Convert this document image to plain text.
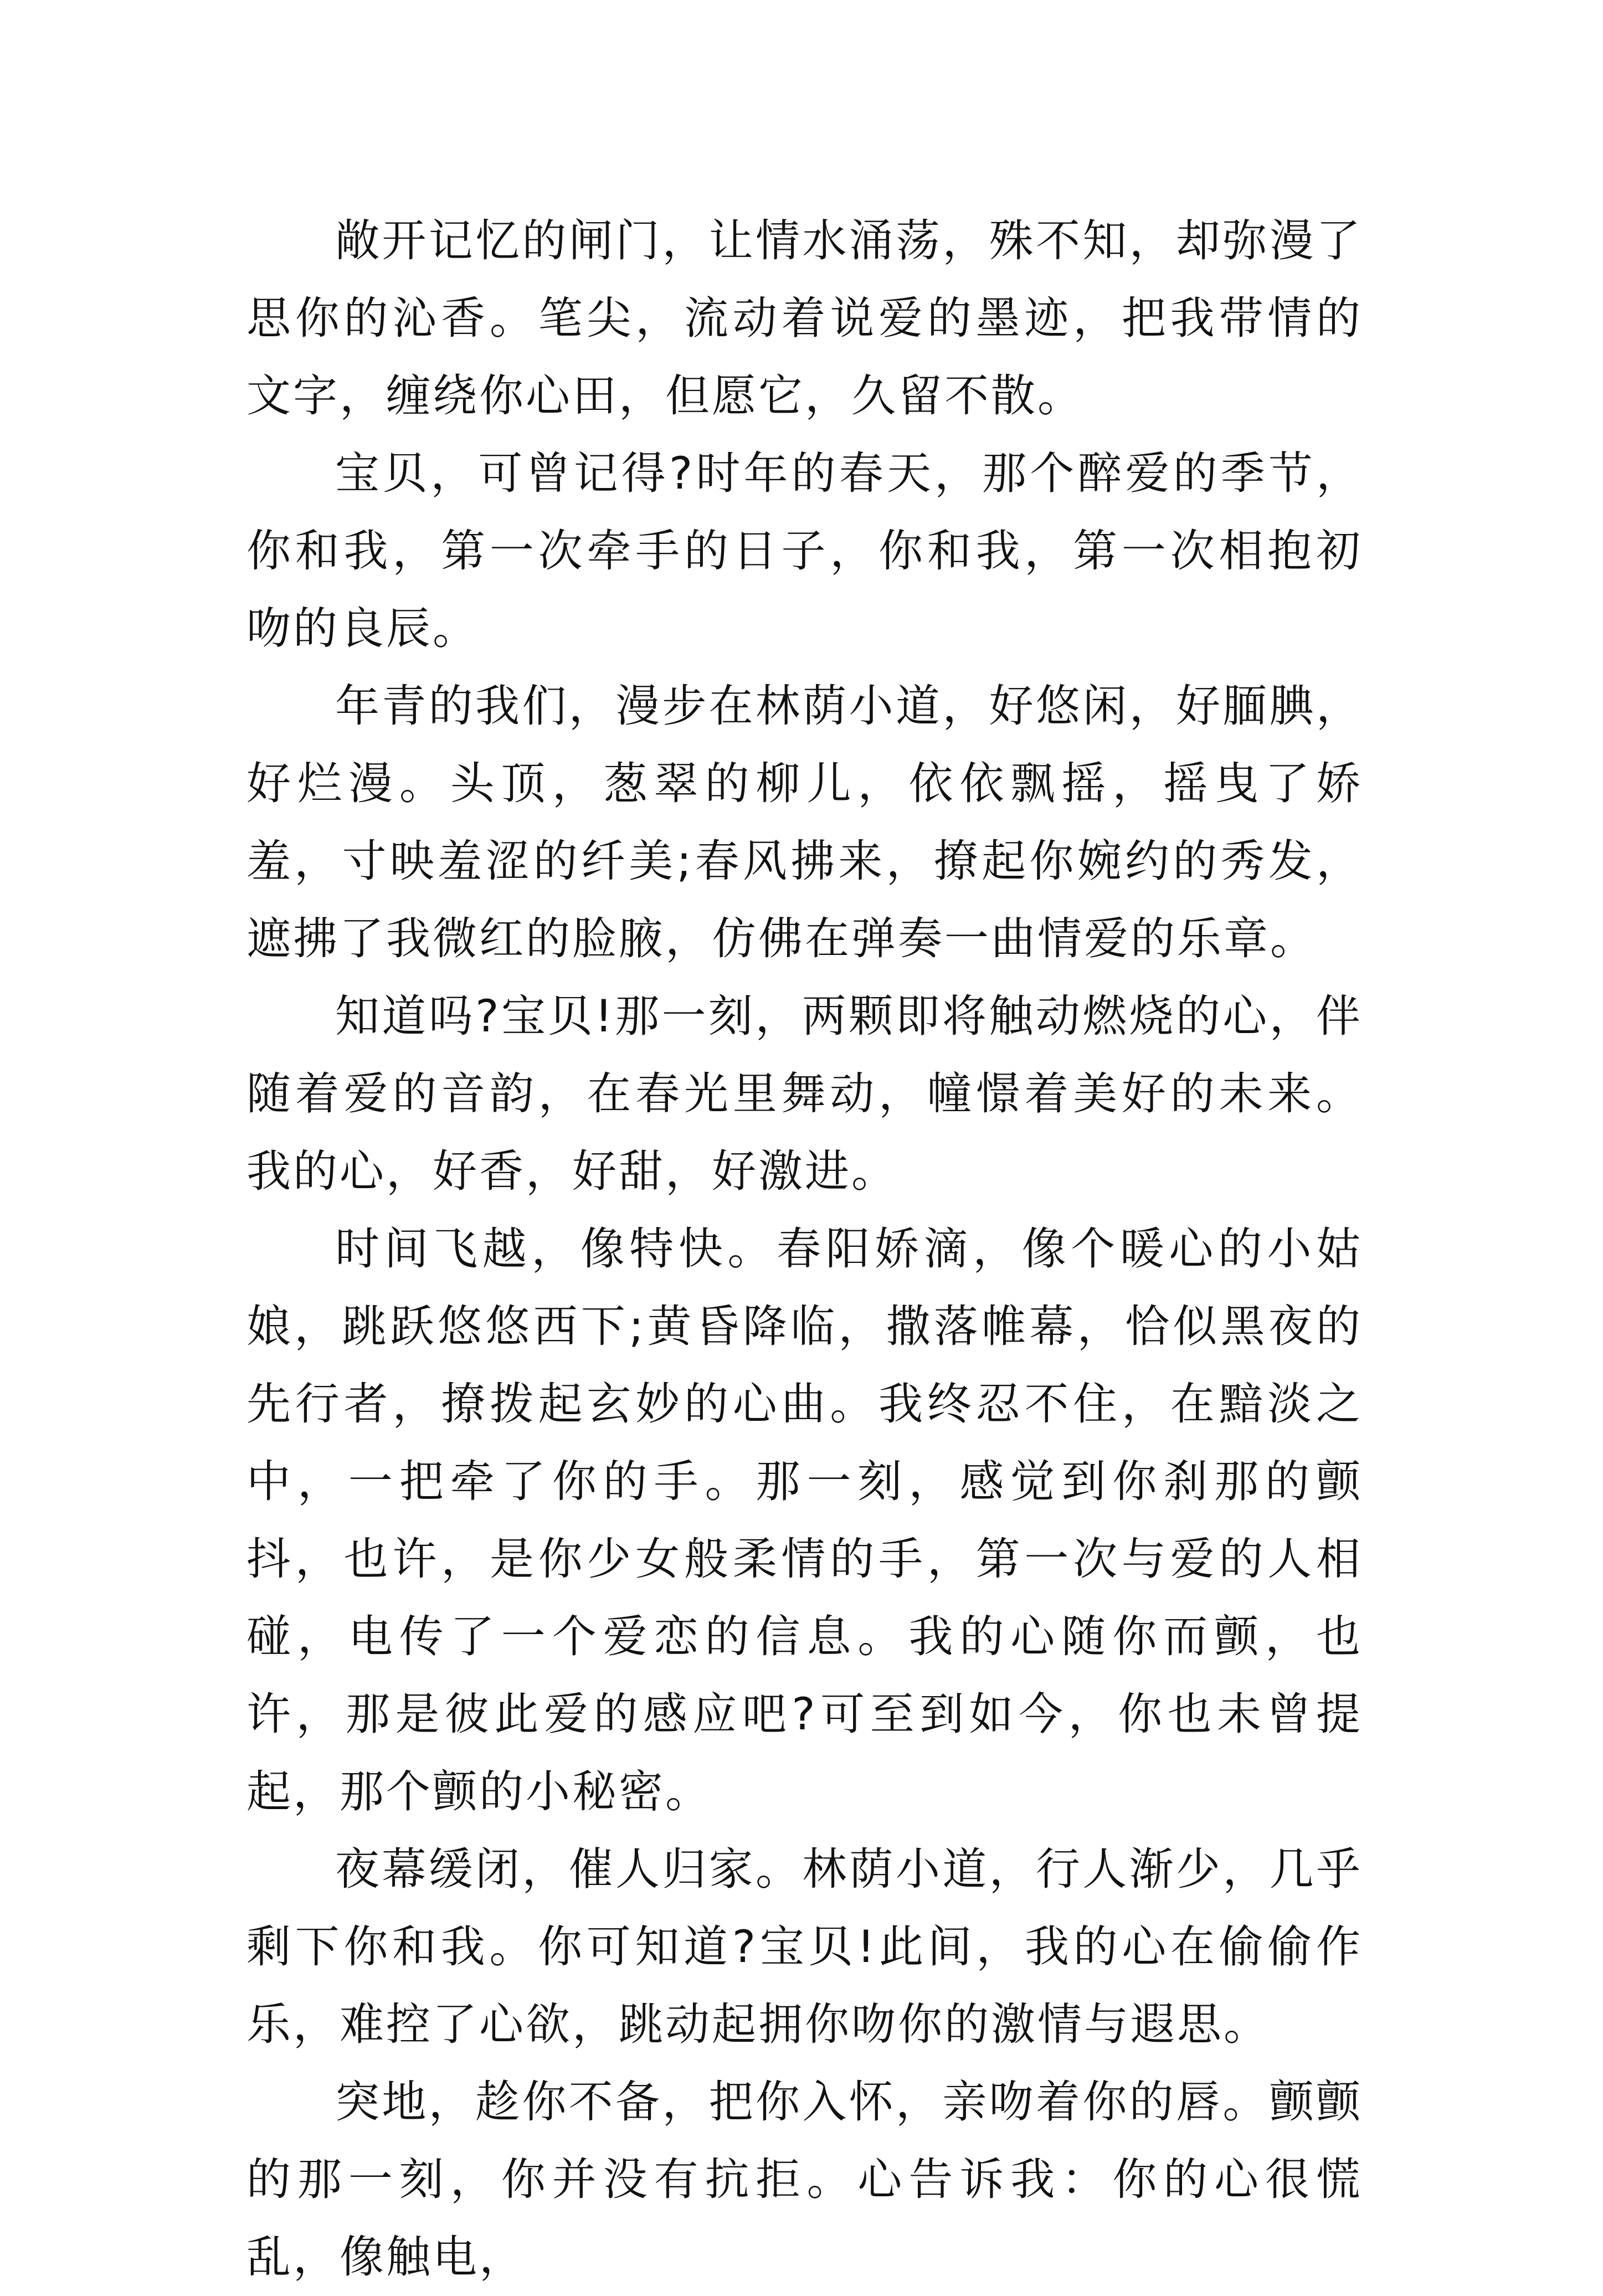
敞开记忆的闸门，让情水涌荡，殊不知，却弥漫了思你的沁香。笔尖，流动着说爱的墨迹，把我带情的文字，缠绕你心田，但愿它，久留不散。

宝贝，可曾记得?时年的春天，那个醉爱的季节，你和我，第一次牵手的日子，你和我，第一次相抱初吻的良辰。

年青的我们，漫步在林荫小道，好悠闲，好腼腆，好烂漫。头顶，葱翠的柳儿，依依飘摇，摇曳了娇羞，寸映羞涩的纤美;春风拂来，撩起你婉约的秀发，遮拂了我微红的脸腋，仿佛在弹奏一曲情爱的乐章。

知道吗?宝贝!那一刻，两颗即将触动燃烧的心，伴随着爱的音韵，在春光里舞动，幢憬着美好的未来。我的心，好香，好甜，好激进。

时间飞越，像特快。春阳娇滴，像个暖心的小姑娘，跳跃悠悠西下;黄昏降临，撒落帷幕，恰似黑夜的先行者，撩拨起玄妙的心曲。我终忍不住，在黯淡之中，一把牵了你的手。那一刻，感觉到你刹那的颤抖，也许，是你少女般柔情的手，第一次与爱的人相碰，电传了一个爱恋的信息。我的心随你而颤，也许，那是彼此爱的感应吧?可至到如今，你也未曾提起，那个颤的小秘密。

夜幕缓闭，催人归家。林荫小道，行人渐少，几乎剩下你和我。你可知道?宝贝!此间，我的心在偷偷作乐，难控了心欲，跳动起拥你吻你的激情与遐思。

突地，趁你不备，把你入怀，亲吻着你的唇。颤颤的那一刻，你并没有抗拒。心告诉我：你的心很慌乱，像触电，
